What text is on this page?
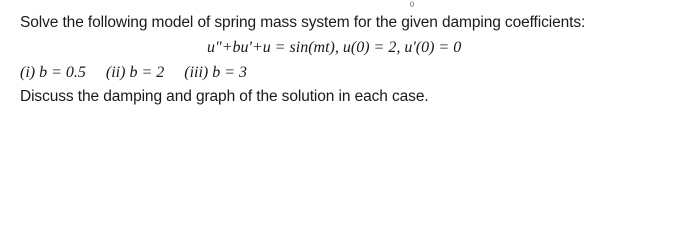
0
Solve the following model of spring mass system for the given damping coefficients:
u"+bu'+u = sin(mt), u(0) = 2, u'(0) = 0
(i) b = 0.5 (ii) b = 2 (iii) b = 3
Discuss the damping and graph of the solution in each case.
